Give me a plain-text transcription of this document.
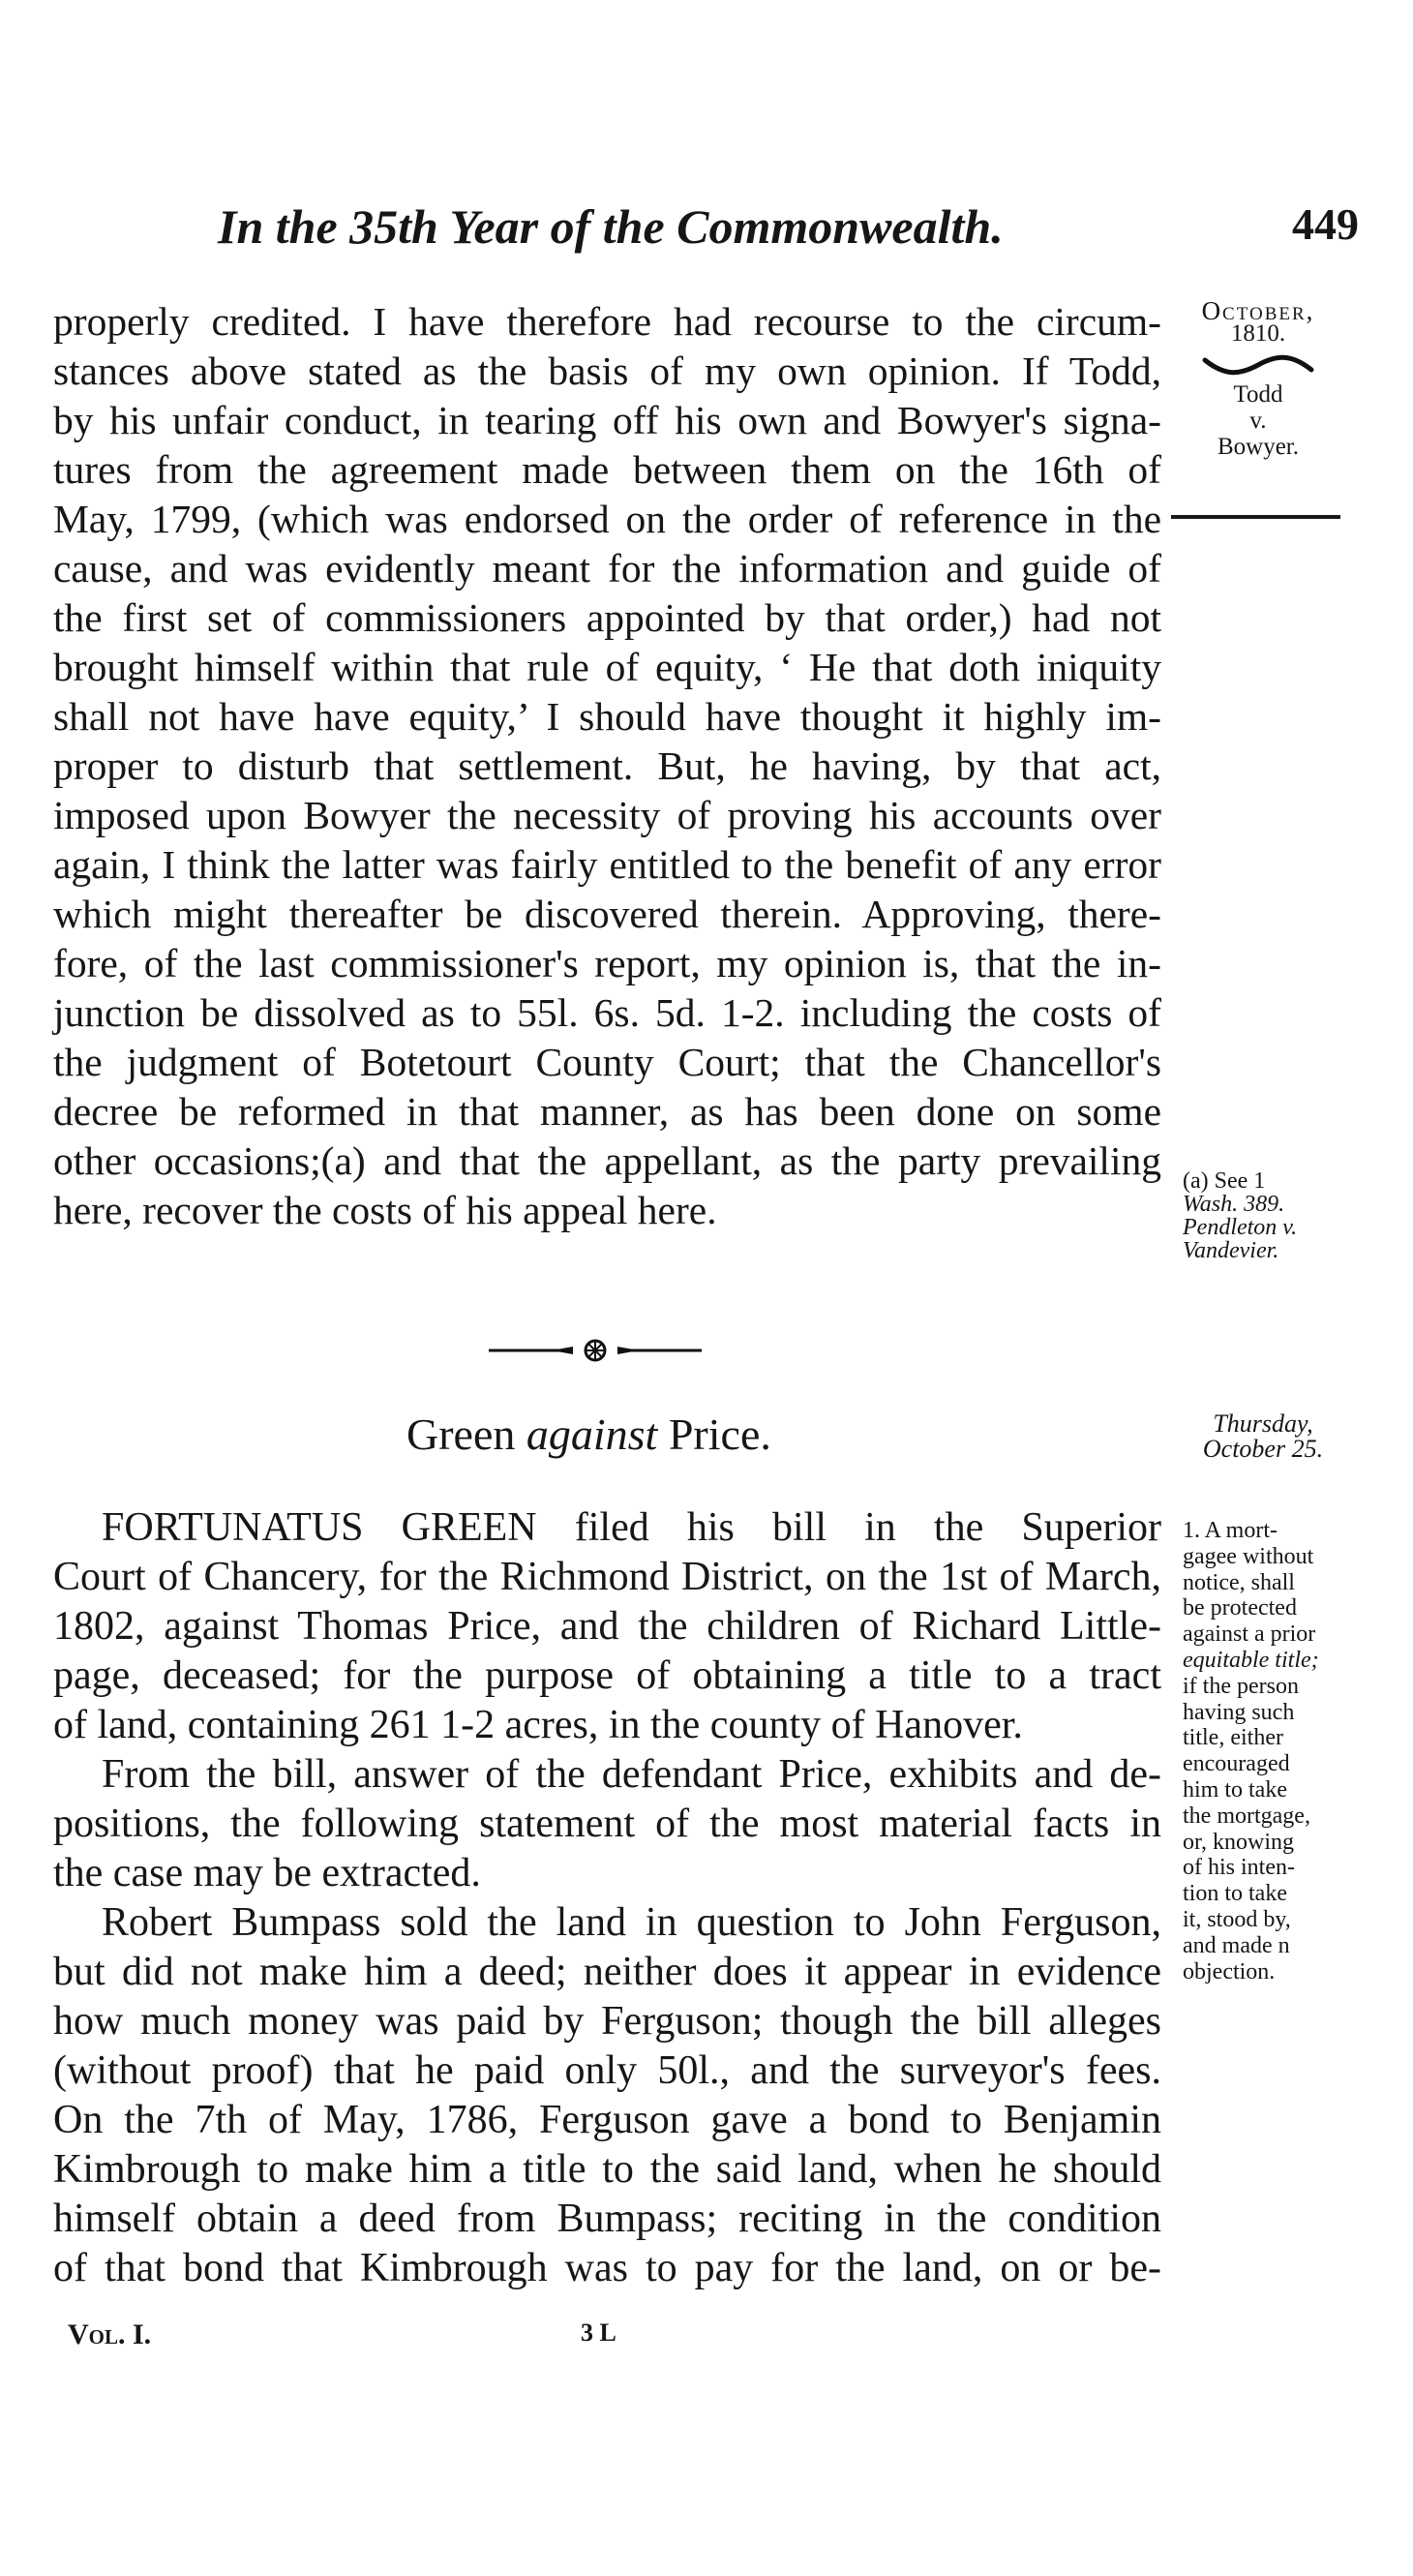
In the 35th Year of the Commonwealth.	449
October,
1810.
Todd
v.
Bowyer.
properly credited. I have therefore had recourse to the circum-
stances above stated as the basis of my own opinion. If Todd,
by his unfair conduct, in tearing off his own and Bowyer's signa-
tures from the agreement made between them on the 16th of
May, 1799, (which was endorsed on the order of reference in the
cause, and was evidently meant for the information and guide of
the first set of commissioners appointed by that order,) had not
brought himself within that rule of equity, ‘ He that doth iniquity
shall not have have equity,’ I should have thought it highly im-
proper to disturb that settlement. But, he having, by that act,
imposed upon Bowyer the necessity of proving his accounts over
again, I think the latter was fairly entitled to the benefit of any error
which might thereafter be discovered therein. Approving, there-
fore, of the last commissioner's report, my opinion is, that the in-
junction be dissolved as to 55l. 6s. 5d. 1-2. including the costs of
the judgment of Botetourt County Court; that the Chancellor's
decree be reformed in that manner, as has been done on some
other occasions;(a) and that the appellant, as the party prevailing
here, recover the costs of his appeal here.
(a) See 1
Wash. 389.
Pendleton v.
Vandevier.
Green against Price.	Thursday,
October 25.
FORTUNATUS GREEN filed his bill in the Superior
Court of Chancery, for the Richmond District, on the 1st of March,
1802, against Thomas Price, and the children of Richard Little-
page, deceased; for the purpose of obtaining a title to a tract
of land, containing 261 1-2 acres, in the county of Hanover.
From the bill, answer of the defendant Price, exhibits and de-
positions, the following statement of the most material facts in
the case may be extracted.
Robert Bumpass sold the land in question to John Ferguson,
but did not make him a deed; neither does it appear in evidence
how much money was paid by Ferguson; though the bill alleges
(without proof) that he paid only 50l., and the surveyor's fees.
On the 7th of May, 1786, Ferguson gave a bond to Benjamin
Kimbrough to make him a title to the said land, when he should
himself obtain a deed from Bumpass; reciting in the condition
of that bond that Kimbrough was to pay for the land, on or be-
1. A mort-
gagee without
notice, shall
be protected
against a prior
equitable title;
if the person
having such
title, either
encouraged
him to take
the mortgage,
or, knowing
of his inten-
tion to take
it, stood by,
and made n
objection.
Vol. I.	3 L
